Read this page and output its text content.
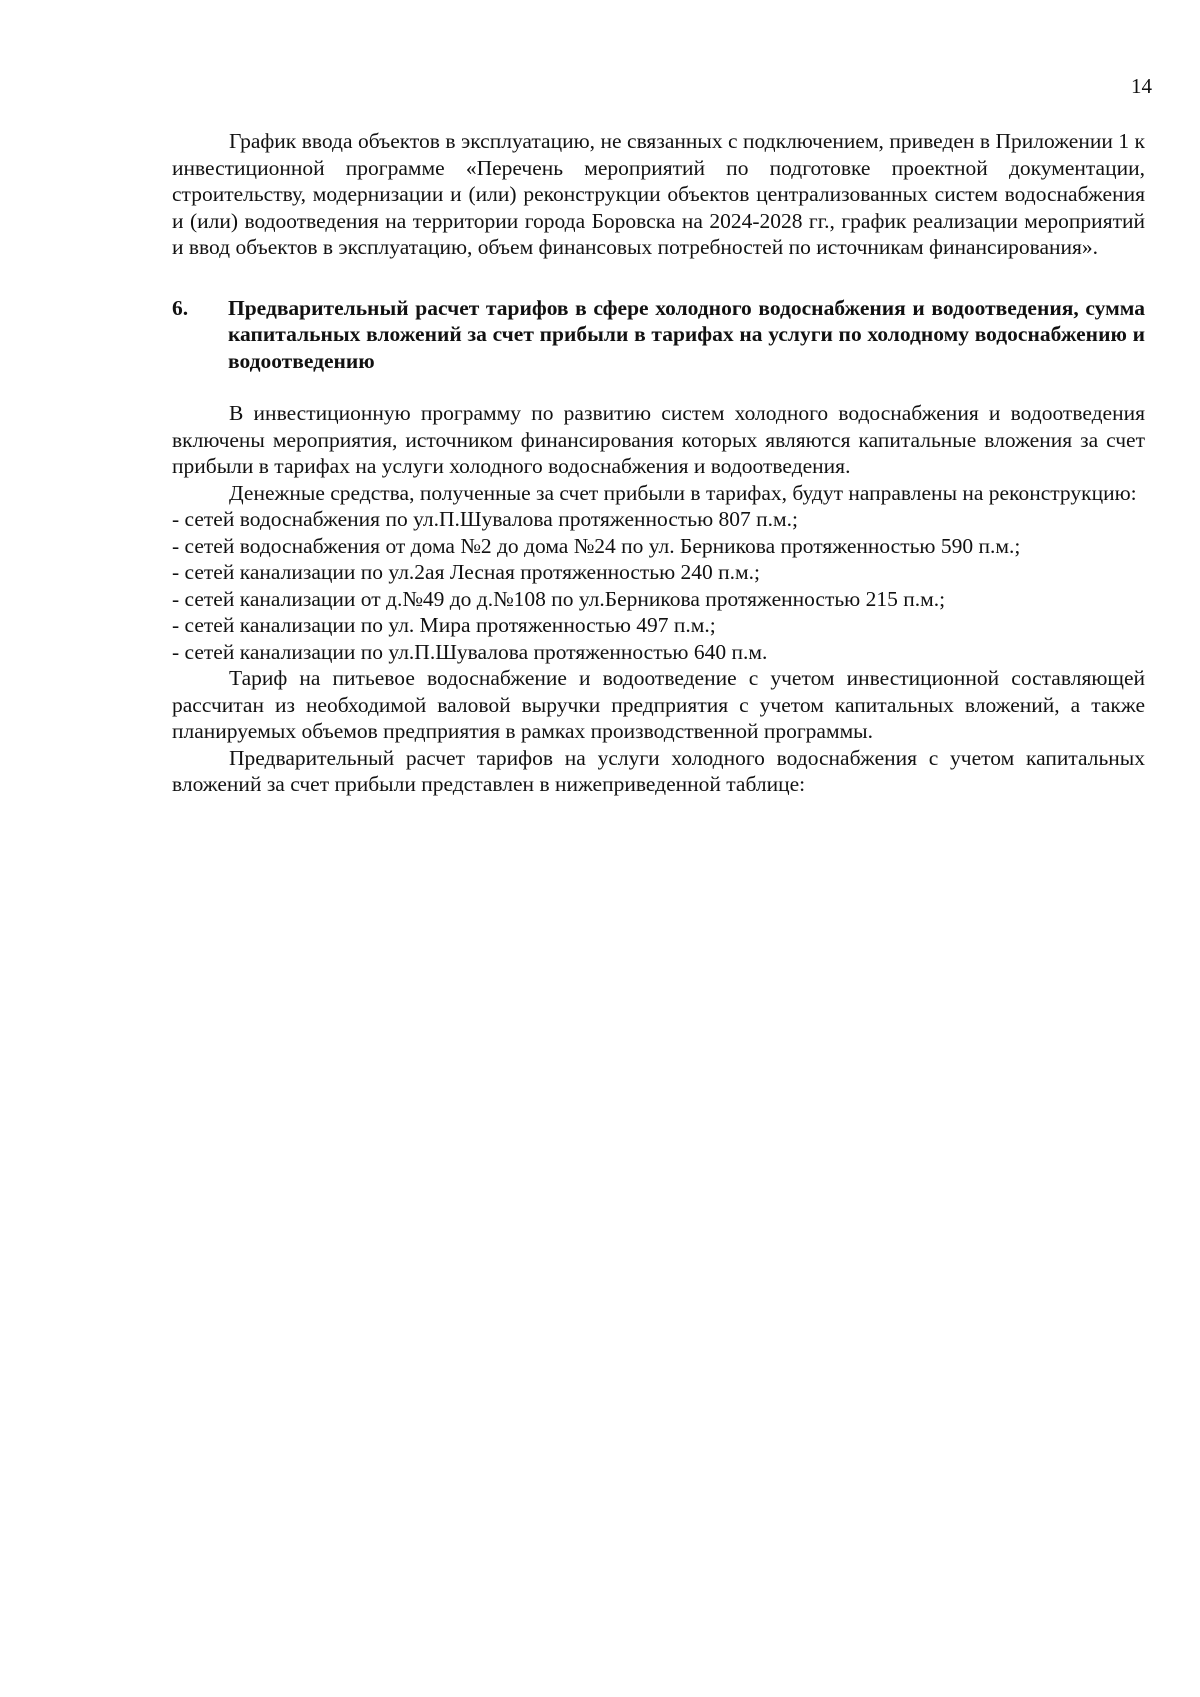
14

График ввода объектов в эксплуатацию, не связанных с подключением, приведен в Приложении 1 к инвестиционной программе «Перечень мероприятий по подготовке проектной документации, строительству, модернизации и (или) реконструкции объектов централизованных систем водоснабжения и (или) водоотведения на территории города Боровска на 2024-2028 гг., график реализации мероприятий и ввод объектов в эксплуатацию, объем финансовых потребностей по источникам финансирования».

6.	Предварительный расчет тарифов в сфере холодного водоснабжения и водоотведения, сумма капитальных вложений за счет прибыли в тарифах на услуги по холодному водоснабжению и водоотведению

В инвестиционную программу по развитию систем холодного водоснабжения и водоотведения включены мероприятия, источником финансирования которых являются капитальные вложения за счет прибыли в тарифах на услуги холодного водоснабжения и водоотведения.

Денежные средства, полученные за счет прибыли в тарифах, будут направлены на реконструкцию:

- сетей водоснабжения по ул.П.Шувалова протяженностью 807 п.м.;
- сетей водоснабжения от дома №2 до дома №24 по ул. Берникова протяженностью 590 п.м.;
- сетей канализации по ул.2ая Лесная протяженностью 240 п.м.;
- сетей канализации от д.№49 до д.№108 по ул.Берникова протяженностью 215 п.м.;
- сетей канализации по ул. Мира протяженностью 497 п.м.;
- сетей канализации по ул.П.Шувалова протяженностью 640 п.м.

Тариф на питьевое водоснабжение и водоотведение с учетом инвестиционной составляющей рассчитан из необходимой валовой выручки предприятия с учетом капитальных вложений, а также планируемых объемов предприятия в рамках производственной программы.

Предварительный расчет тарифов на услуги холодного водоснабжения с учетом капитальных вложений за счет прибыли представлен в нижеприведенной таблице:
